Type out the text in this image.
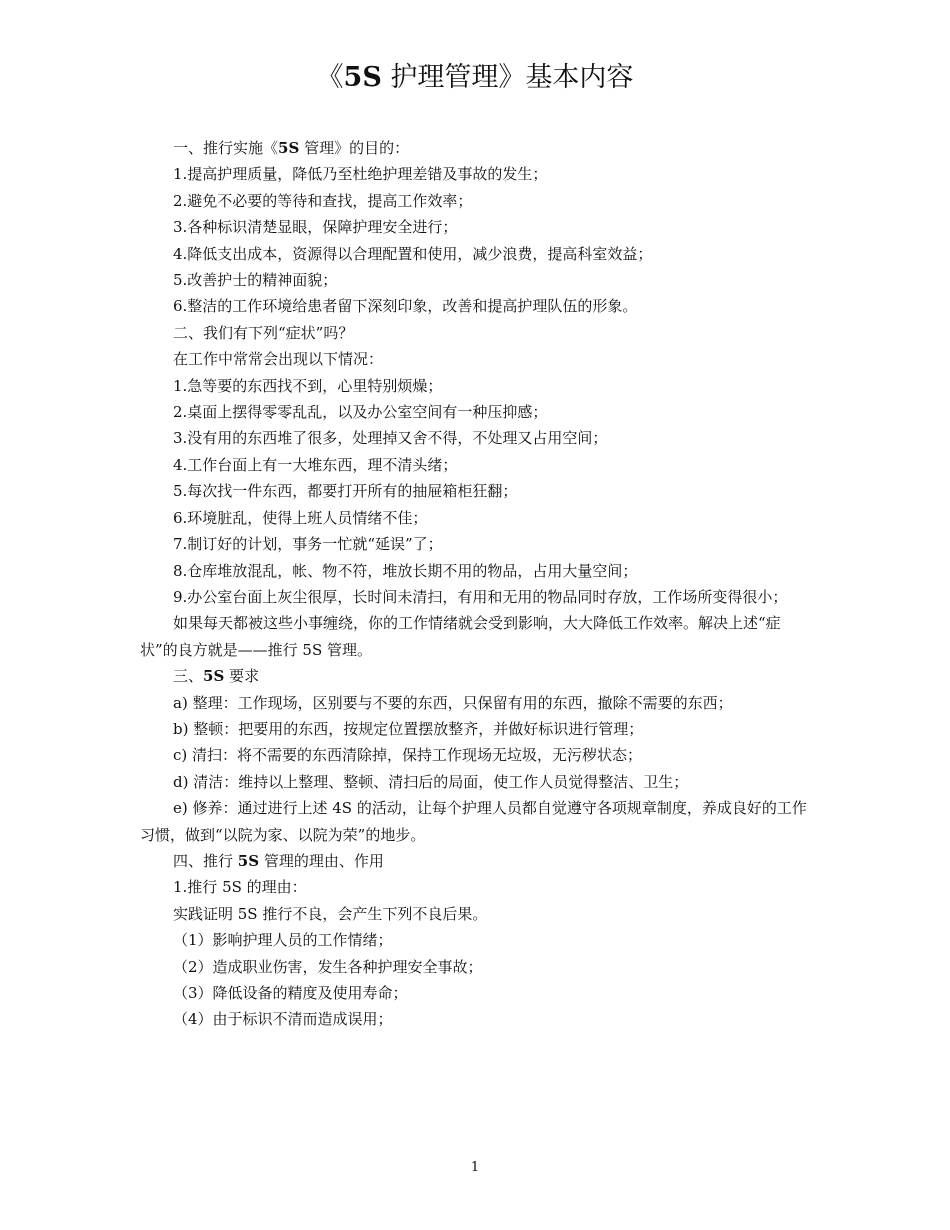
《5S 护理管理》基本内容
一、推行实施《5S 管理》的目的：
1.提高护理质量，降低乃至杜绝护理差错及事故的发生；
2.避免不必要的等待和查找，提高工作效率；
3.各种标识清楚显眼，保障护理安全进行；
4.降低支出成本，资源得以合理配置和使用，减少浪费，提高科室效益；
5.改善护士的精神面貌；
6.整洁的工作环境给患者留下深刻印象，改善和提高护理队伍的形象。
二、我们有下列“症状”吗？
在工作中常常会出现以下情况：
1.急等要的东西找不到，心里特别烦燥；
2.桌面上摆得零零乱乱，以及办公室空间有一种压抑感；
3.没有用的东西堆了很多，处理掉又舍不得，不处理又占用空间；
4.工作台面上有一大堆东西，理不清头绪；
5.每次找一件东西，都要打开所有的抽屉箱柜狂翻；
6.环境脏乱，使得上班人员情绪不佳；
7.制订好的计划，事务一忙就“延误”了；
8.仓库堆放混乱，帐、物不符，堆放长期不用的物品，占用大量空间；
9.办公室台面上灰尘很厚，长时间未清扫，有用和无用的物品同时存放，工作场所变得很小；
如果每天都被这些小事缠绕，你的工作情绪就会受到影响，大大降低工作效率。解决上述“症状”的良方就是——推行 5S 管理。
三、5S 要求
a) 整理：工作现场，区别要与不要的东西，只保留有用的东西，撤除不需要的东西；
b) 整顿：把要用的东西，按规定位置摆放整齐，并做好标识进行管理；
c) 清扫：将不需要的东西清除掉，保持工作现场无垃圾，无污秽状态；
d) 清洁：维持以上整理、整顿、清扫后的局面，使工作人员觉得整洁、卫生；
e) 修养：通过进行上述 4S 的活动，让每个护理人员都自觉遵守各项规章制度，养成良好的工作习惯，做到“以院为家、以院为荣”的地步。
四、推行 5S 管理的理由、作用
1.推行 5S 的理由：
实践证明 5S 推行不良，会产生下列不良后果。
（1）影响护理人员的工作情绪；
（2）造成职业伤害，发生各种护理安全事故；
（3）降低设备的精度及使用寿命；
（4）由于标识不清而造成误用；
1
